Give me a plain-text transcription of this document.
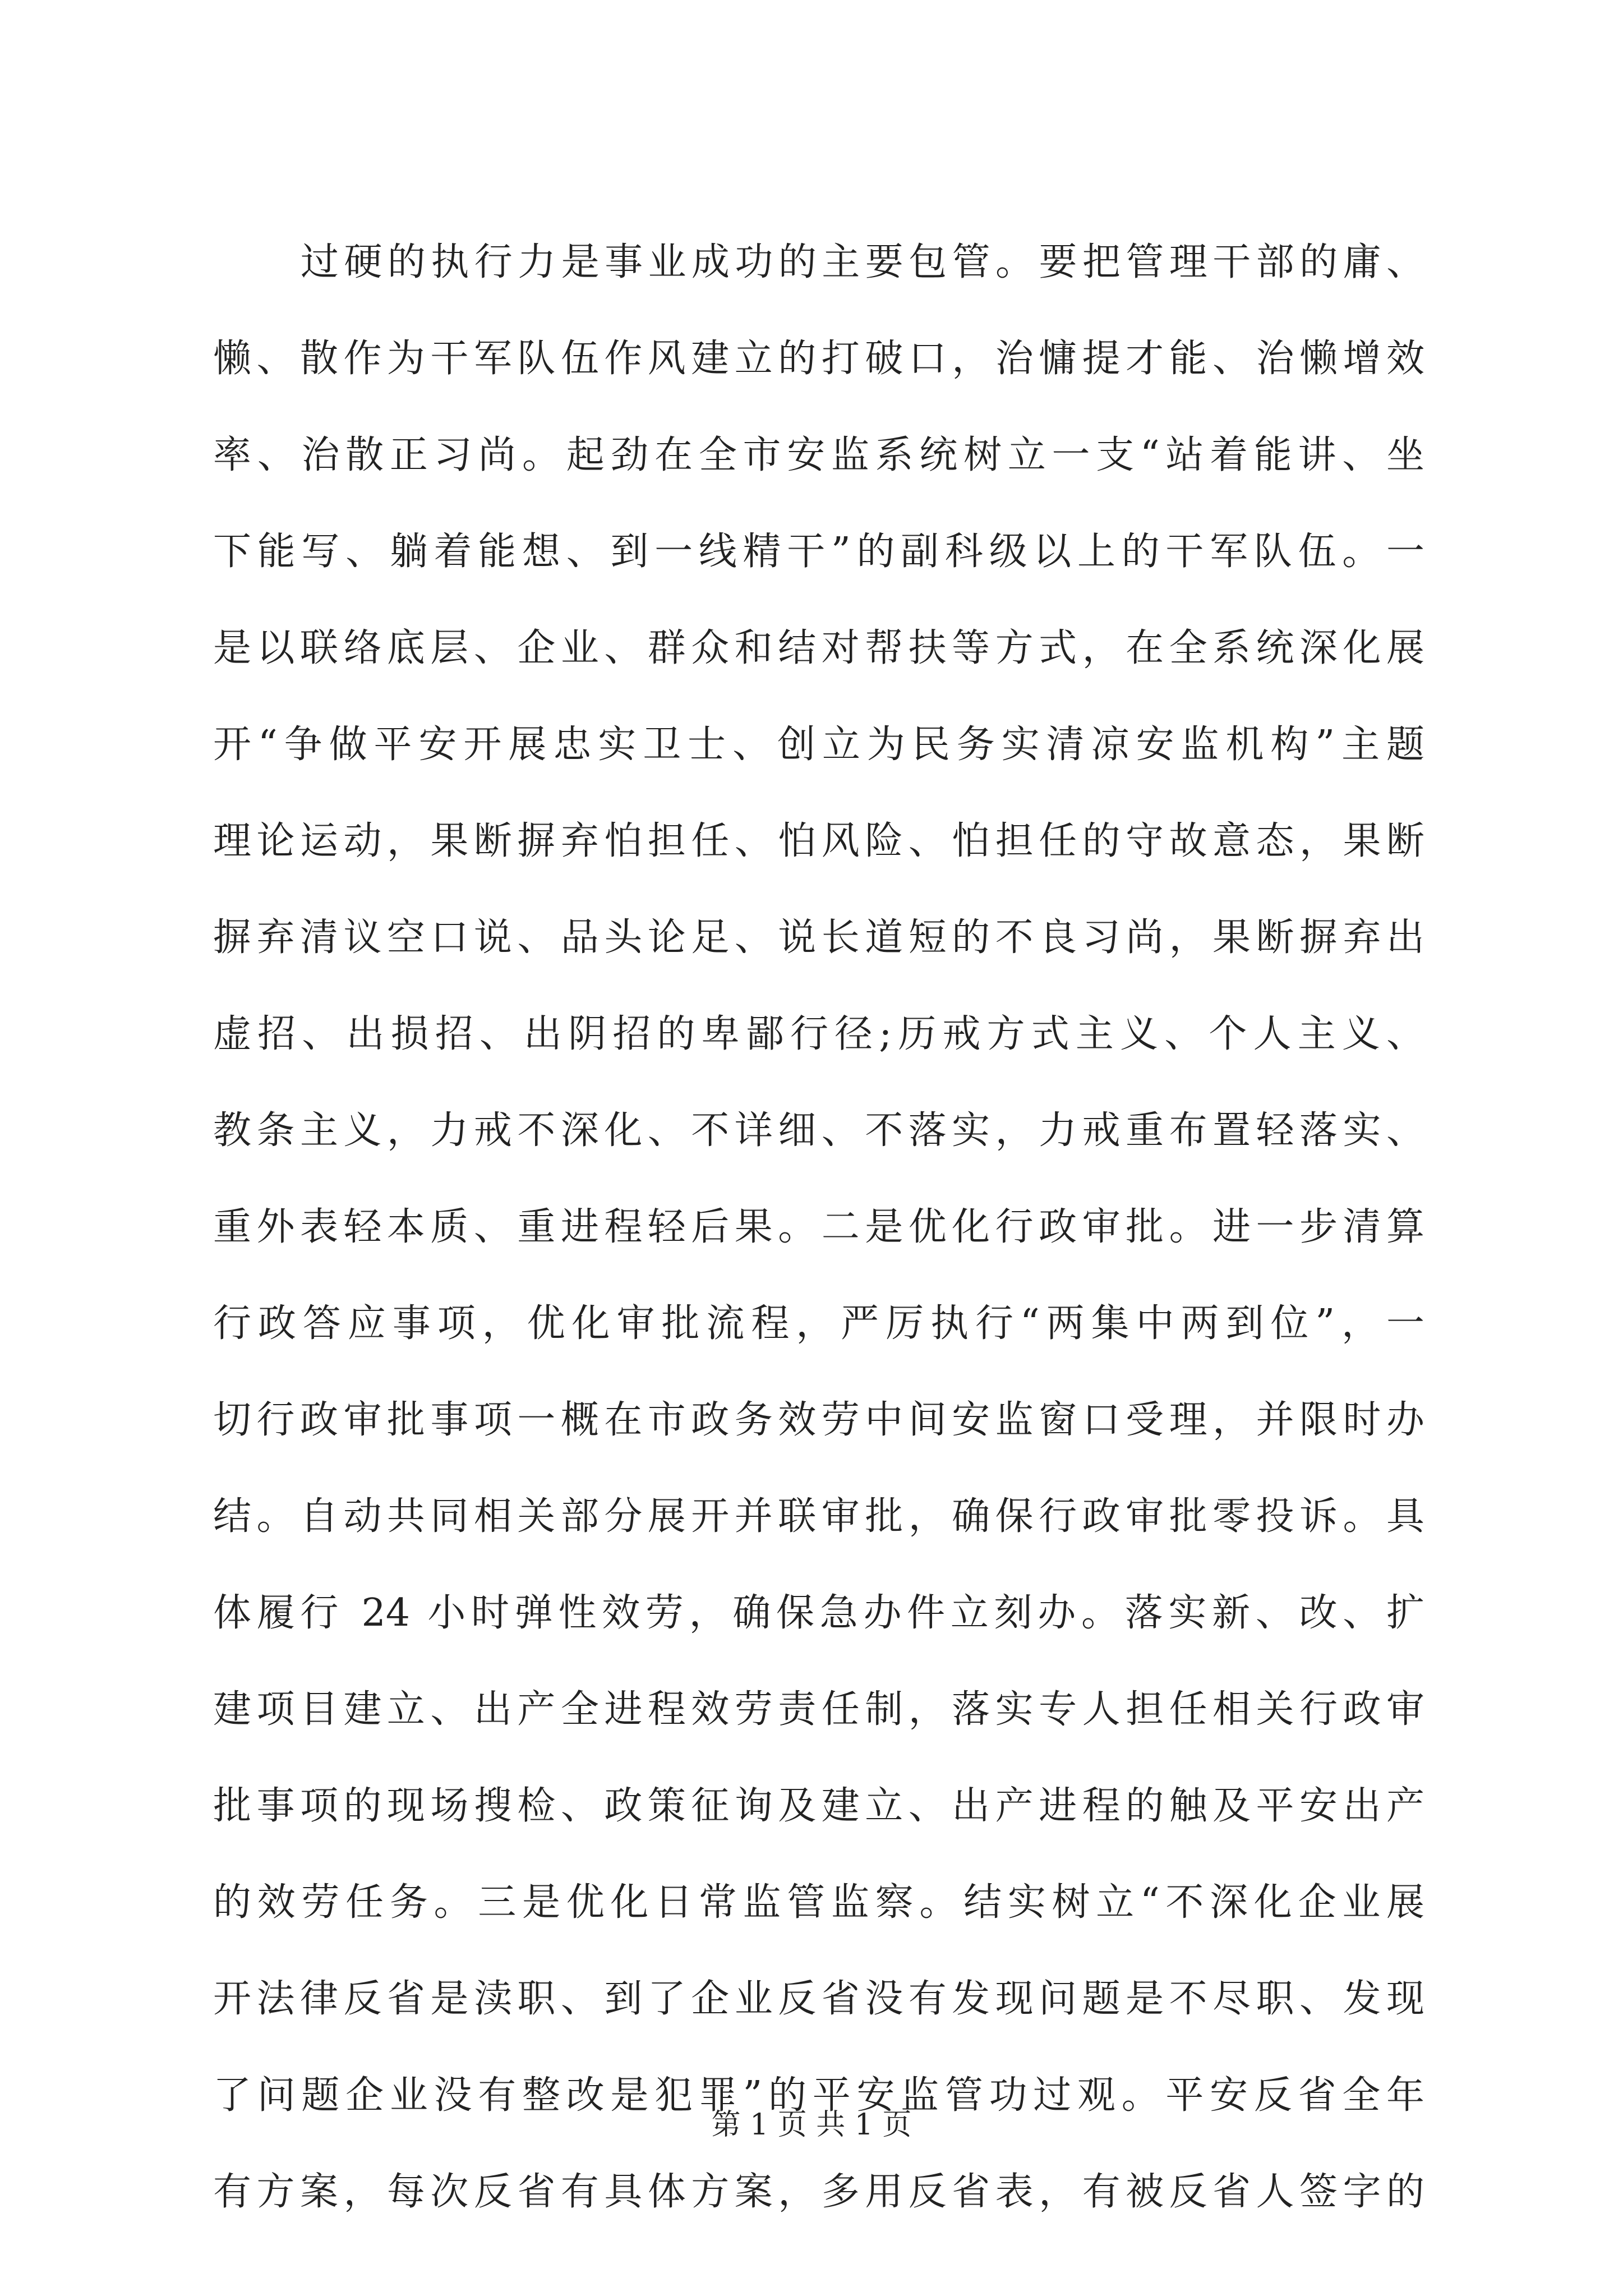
过硬的执行力是事业成功的主要包管。要把管理干部的庸、
懒、散作为干军队伍作风建立的打破口，治慵提才能、治懒增效
率、治散正习尚。起劲在全市安监系统树立一支“站着能讲、坐
下能写、躺着能想、到一线精干”的副科级以上的干军队伍。一
是以联络底层、企业、群众和结对帮扶等方式，在全系统深化展
开“争做平安开展忠实卫士、创立为民务实清凉安监机构”主题
理论运动，果断摒弃怕担任、怕风险、怕担任的守故意态，果断
摒弃清议空口说、品头论足、说长道短的不良习尚，果断摒弃出
虚招、出损招、出阴招的卑鄙行径;历戒方式主义、个人主义、
教条主义，力戒不深化、不详细、不落实，力戒重布置轻落实、
重外表轻本质、重进程轻后果。二是优化行政审批。进一步清算
行政答应事项，优化审批流程，严厉执行“两集中两到位”，一
切行政审批事项一概在市政务效劳中间安监窗口受理，并限时办
结。自动共同相关部分展开并联审批，确保行政审批零投诉。具
体履行 24 小时弹性效劳，确保急办件立刻办。落实新、改、扩
建项目建立、出产全进程效劳责任制，落实专人担任相关行政审
批事项的现场搜检、政策征询及建立、出产进程的触及平安出产
的效劳任务。三是优化日常监管监察。结实树立“不深化企业展
开法律反省是渎职、到了企业反省没有发现问题是不尽职、发现
了问题企业没有整改是犯罪”的平安监管功过观。平安反省全年
有方案，每次反省有具体方案，多用反省表，有被反省人签字的
第 1 页 共 1 页
